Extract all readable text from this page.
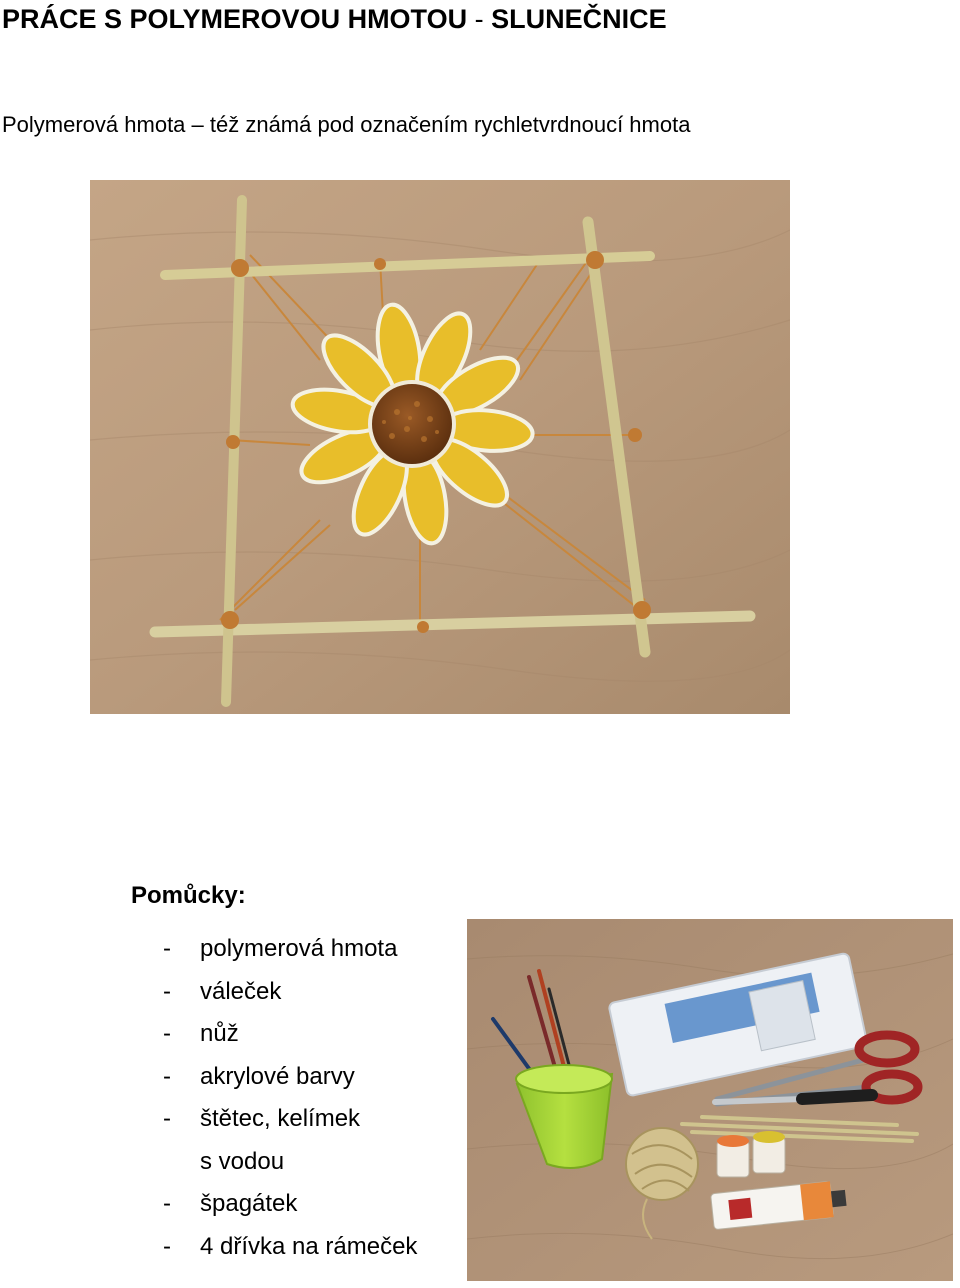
PRÁCE S POLYMEROVOU HMOTOU - SLUNEČNICE
Polymerová hmota – též známá pod označením rychletvrdnoucí hmota
Pomůcky:
- polymerová hmota
- váleček
- nůž
- akrylové barvy
- štětec, kelímek
s vodou
- špagátek
- 4 dřívka na rámeček
